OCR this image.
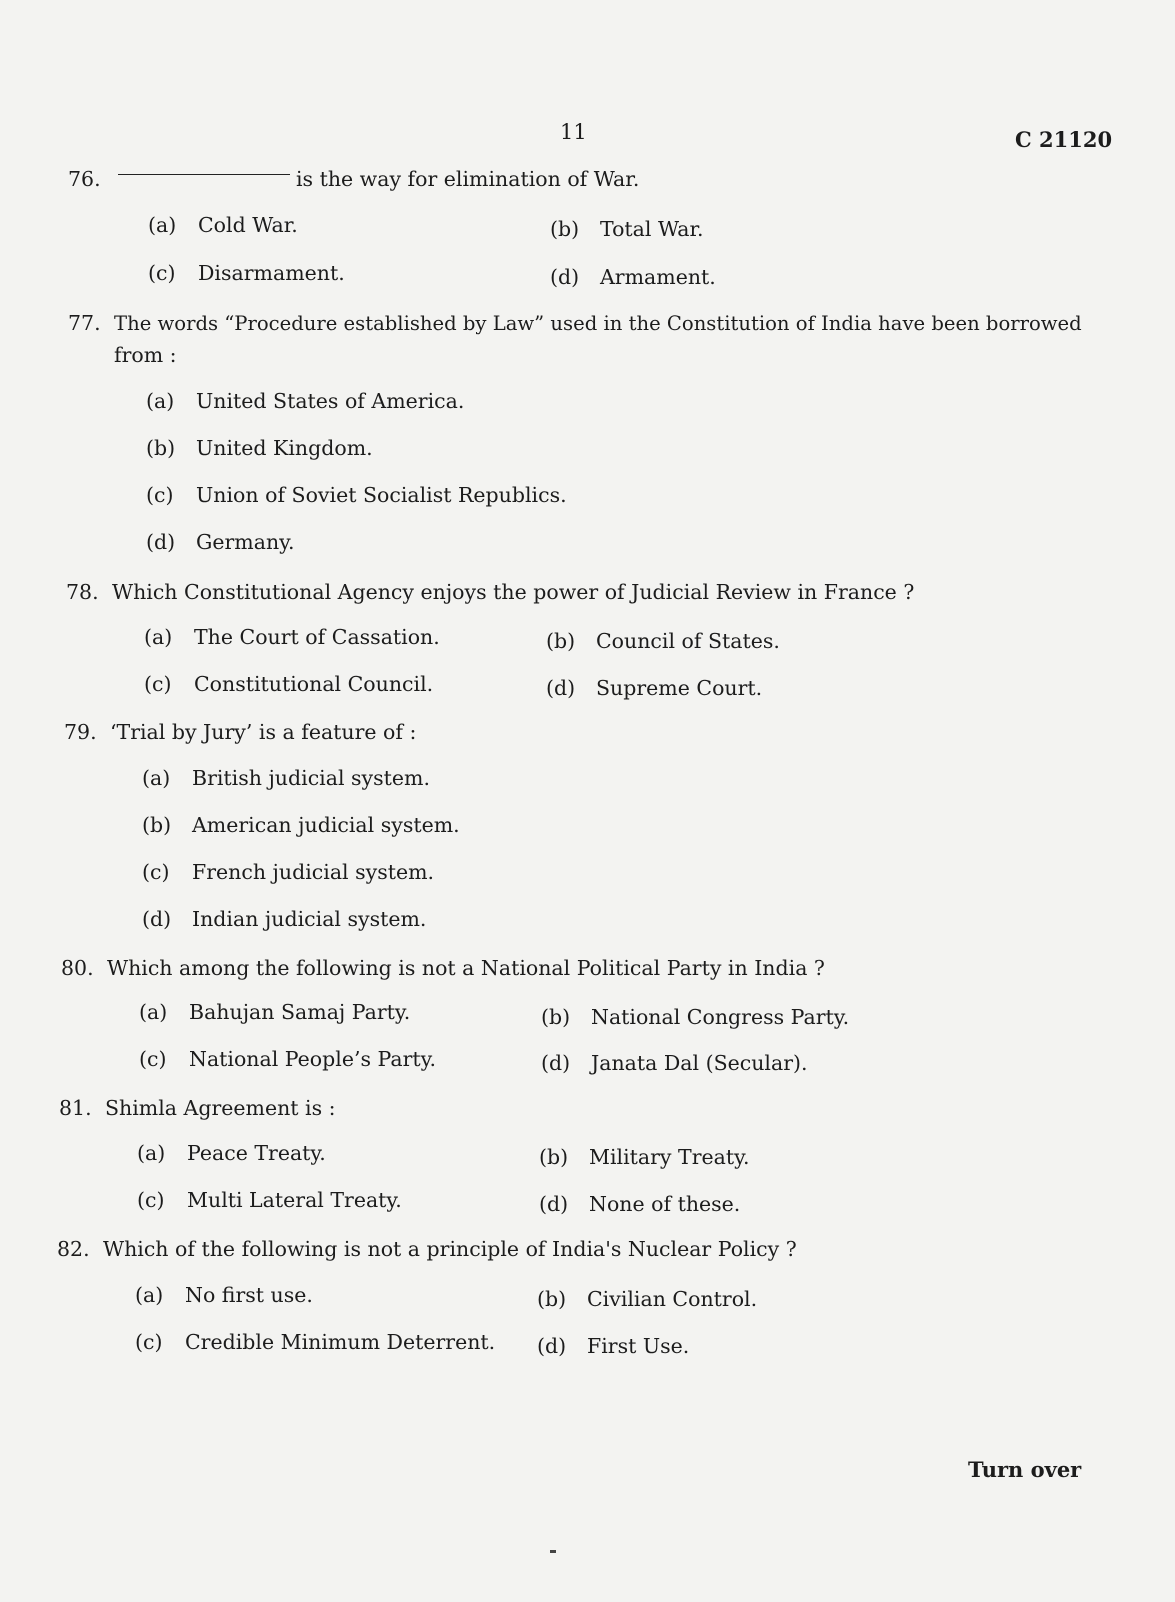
11	C 21120
76.	is the way for elimination of War.
(a) Cold War.	(b) Total War.
(c) Disarmament.	(d) Armament.
77. The words “Procedure established by Law” used in the Constitution of India have been borrowed
from :
(a) United States of America.
(b) United Kingdom.
(c) Union of Soviet Socialist Republics.
(d) Germany.
78. Which Constitutional Agency enjoys the power of Judicial Review in France ?
(a) The Court of Cassation.	(b) Council of States.
(c) Constitutional Council.	(d) Supreme Court.
79. ‘Trial by Jury’ is a feature of :
(a) British judicial system.
(b) American judicial system.
(c) French judicial system.
(d) Indian judicial system.
80. Which among the following is not a National Political Party in India ?
(a) Bahujan Samaj Party.	(b) National Congress Party.
(c) National People’s Party.	(d) Janata Dal (Secular).
81. Shimla Agreement is :
(a) Peace Treaty.	(b) Military Treaty.
(c) Multi Lateral Treaty.	(d) None of these.
82. Which of the following is not a principle of India's Nuclear Policy ?
(a) No first use.	(b) Civilian Control.
(c) Credible Minimum Deterrent. (d) First Use.
Turn over
